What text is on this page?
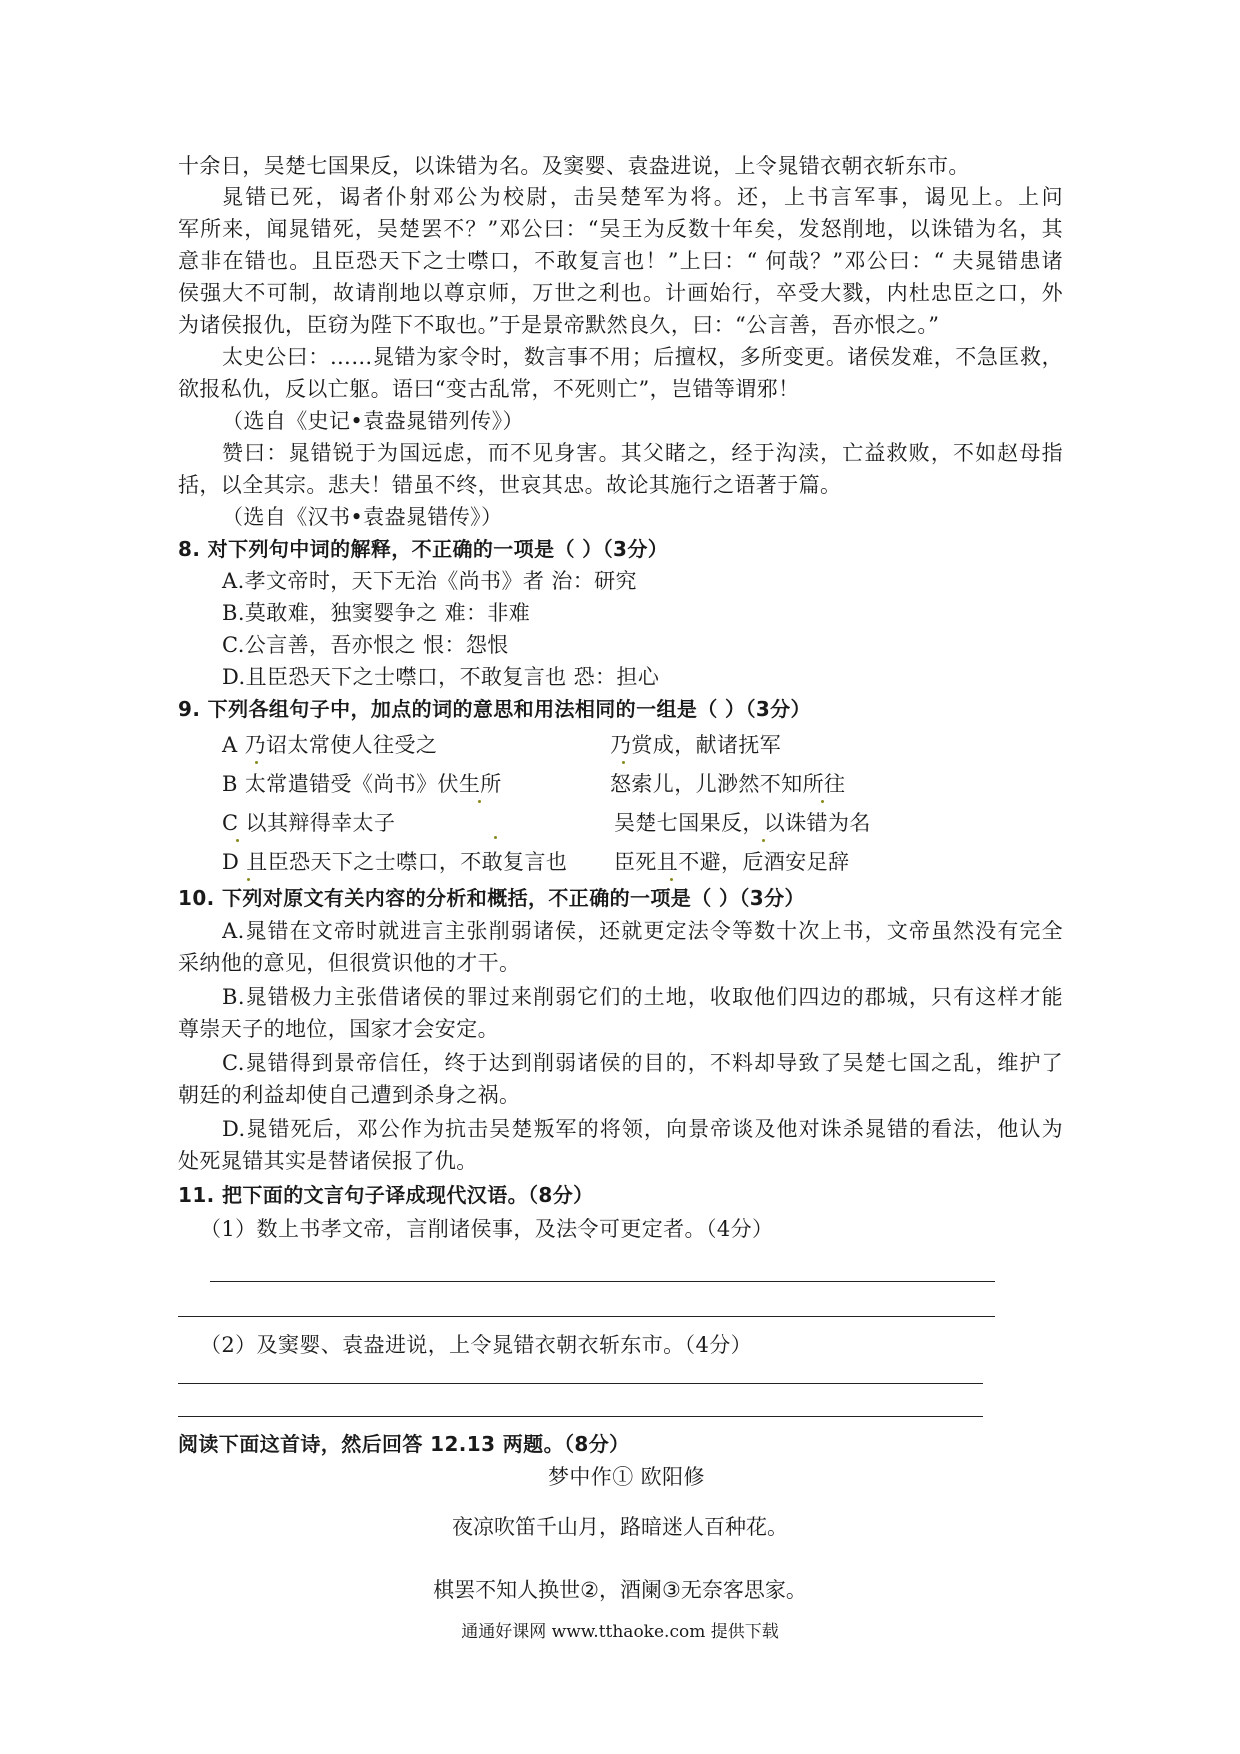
十余日，吴楚七国果反，以诛错为名。及窦婴、袁盎进说，上令晁错衣朝衣斩东市。
晁错已死，谒者仆射邓公为校尉，击吴楚军为将。还，上书言军事，谒见上。上问
军所来，闻晁错死，吴楚罢不？”邓公曰：“吴王为反数十年矣，发怒削地，以诛错为名，其
意非在错也。且臣恐天下之士噤口，不敢复言也！”上曰：“ 何哉？”邓公曰：“ 夫晁错患诸
侯强大不可制，故请削地以尊京师，万世之利也。计画始行，卒受大戮，内杜忠臣之口，外
为诸侯报仇，臣窃为陛下不取也。”于是景帝默然良久，曰：“公言善，吾亦恨之。”
太史公曰：……晁错为家令时，数言事不用；后擅权，多所变更。诸侯发难，不急匡救，
欲报私仇，反以亡躯。语曰“变古乱常，不死则亡”，岂错等谓邪！
（选自《史记•袁盎晁错列传》）
赞曰：晁错锐于为国远虑，而不见身害。其父睹之，经于沟渎，亡益救败，不如赵母指
括，以全其宗。悲夫！错虽不终，世哀其忠。故论其施行之语著于篇。
（选自《汉书•袁盎晁错传》）
8. 对下列句中词的解释，不正确的一项是（ ）（3分）
A.孝文帝时，天下无治《尚书》者 治：研究
B.莫敢难，独窦婴争之 难：非难
C.公言善，吾亦恨之 恨：怨恨
D.且臣恐天下之士噤口，不敢复言也 恐：担心
9. 下列各组句子中，加点的词的意思和用法相同的一组是（ ）（3分）
A 乃诏太常使人往受之	乃赏成，献诸抚军
B 太常遣错受《尚书》伏生所	怒索儿，儿渺然不知所往
C 以其辩得幸太子	吴楚七国果反，以诛错为名
D 且臣恐天下之士噤口，不敢复言也	臣死且不避，卮酒安足辞
10. 下列对原文有关内容的分析和概括，不正确的一项是（ ）（3分）
A.晁错在文帝时就进言主张削弱诸侯，还就更定法令等数十次上书，文帝虽然没有完全
采纳他的意见，但很赏识他的才干。
B.晁错极力主张借诸侯的罪过来削弱它们的土地，收取他们四边的郡城，只有这样才能
尊崇天子的地位，国家才会安定。
C.晁错得到景帝信任，终于达到削弱诸侯的目的，不料却导致了吴楚七国之乱，维护了
朝廷的利益却使自己遭到杀身之祸。
D.晁错死后，邓公作为抗击吴楚叛军的将领，向景帝谈及他对诛杀晁错的看法，他认为
处死晁错其实是替诸侯报了仇。
11. 把下面的文言句子译成现代汉语。（8分）
（1）数上书孝文帝，言削诸侯事，及法令可更定者。（4分）
（2）及窦婴、袁盎进说，上令晁错衣朝衣斩东市。（4分）
阅读下面这首诗，然后回答 12.13 两题。（8分）
梦中作① 欧阳修
夜凉吹笛千山月，路暗迷人百种花。
棋罢不知人换世②，酒阑③无奈客思家。
通通好课网 www.tthaoke.com 提供下载
